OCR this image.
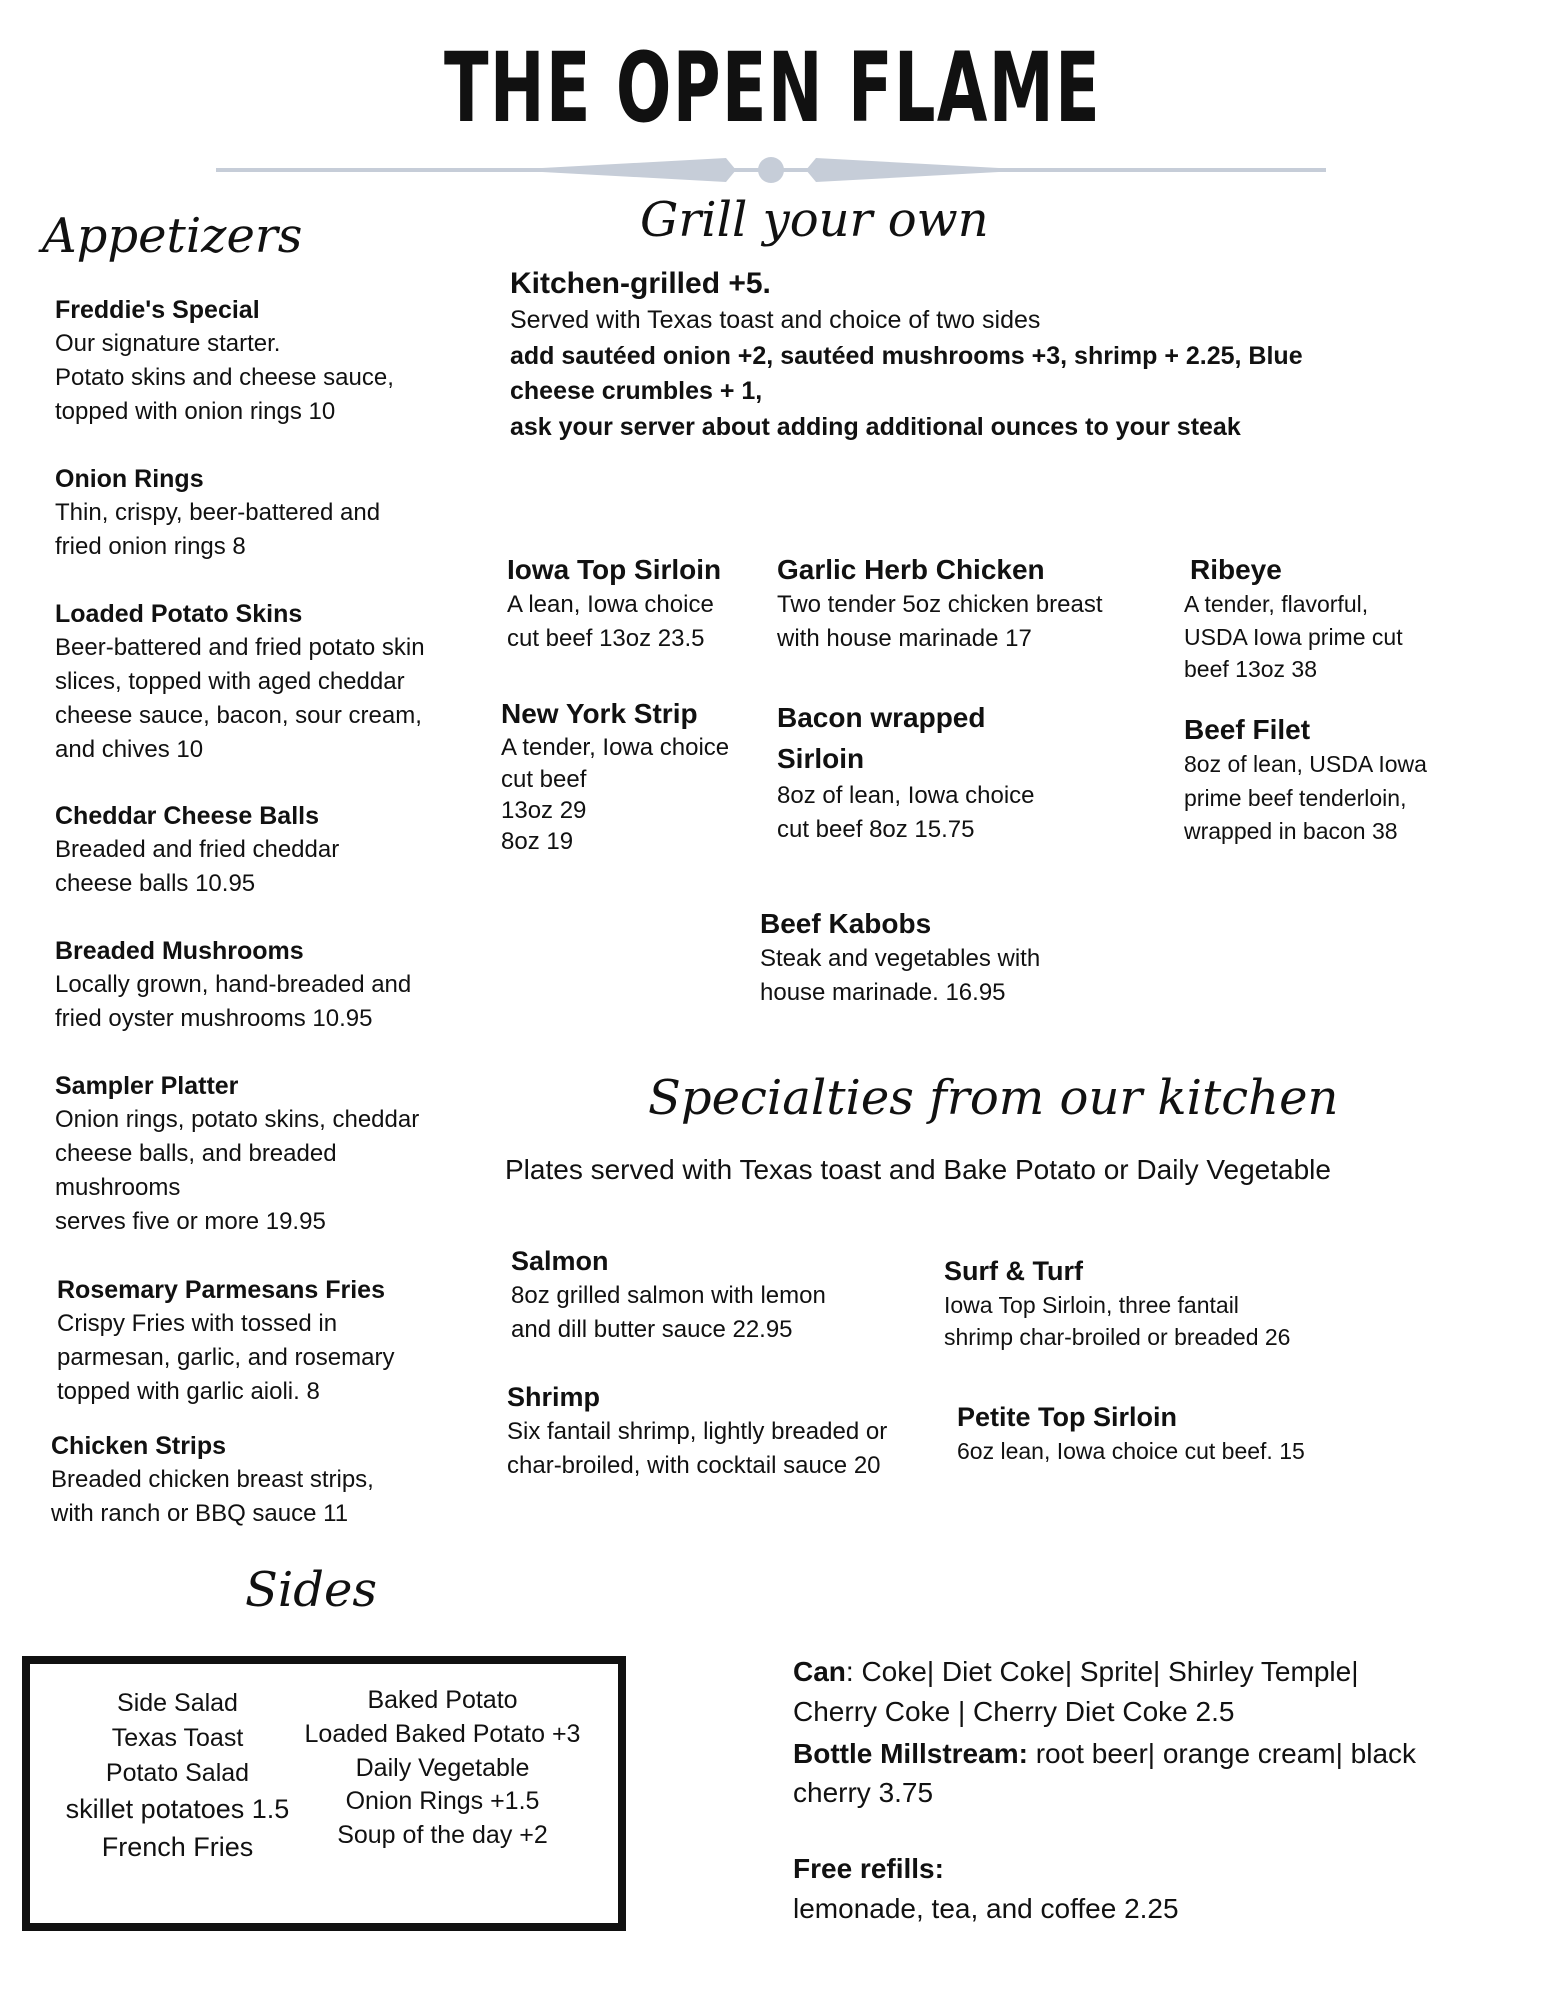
THE OPEN FLAME
Appetizers
Freddie's Special
Our signature starter.
Potato skins and cheese sauce,
topped with onion rings 10
Onion Rings
Thin, crispy, beer-battered and
fried onion rings 8
Loaded Potato Skins
Beer-battered and fried potato skin
slices, topped with aged cheddar
cheese sauce, bacon, sour cream,
and chives 10
Cheddar Cheese Balls
Breaded and fried cheddar
cheese balls 10.95
Breaded Mushrooms
Locally grown, hand-breaded and
fried oyster mushrooms 10.95
Sampler Platter
Onion rings, potato skins, cheddar
cheese balls, and breaded
mushrooms
serves five or more 19.95
Rosemary Parmesans Fries
Crispy Fries with tossed in
parmesan, garlic, and rosemary
topped with garlic aioli. 8
Chicken Strips
Breaded chicken breast strips,
with ranch or BBQ sauce 11
Grill your own
Kitchen-grilled +5.
Served with Texas toast and choice of two sides
add sautéed onion +2, sautéed mushrooms +3, shrimp + 2.25, Blue
cheese crumbles + 1,
ask your server about adding additional ounces to your steak
Iowa Top Sirloin
A lean, Iowa choice
cut beef 13oz 23.5
Garlic Herb Chicken
Two tender 5oz chicken breast
with house marinade 17
Ribeye
A tender, flavorful,
USDA Iowa prime cut
beef 13oz 38
New York Strip
A tender, Iowa choice
cut beef
13oz 29
8oz 19
Bacon wrapped
Sirloin
8oz of lean, Iowa choice
cut beef 8oz 15.75
Beef Filet
8oz of lean, USDA Iowa
prime beef tenderloin,
wrapped in bacon 38
Beef Kabobs
Steak and vegetables with
house marinade. 16.95
Specialties from our kitchen
Plates served with Texas toast and Bake Potato or Daily Vegetable
Salmon
8oz grilled salmon with lemon
and dill butter sauce 22.95
Surf & Turf
Iowa Top Sirloin, three fantail
shrimp char-broiled or breaded 26
Shrimp
Six fantail shrimp, lightly breaded or
char-broiled, with cocktail sauce 20
Petite Top Sirloin
6oz lean, Iowa choice cut beef. 15
Sides
Side Salad
Texas Toast
Potato Salad
skillet potatoes 1.5
French Fries
Baked Potato
Loaded Baked Potato +3
Daily Vegetable
Onion Rings +1.5
Soup of the day +2
Can: Coke| Diet Coke| Sprite| Shirley Temple|
Cherry Coke | Cherry Diet Coke 2.5
Bottle Millstream: root beer| orange cream| black
cherry 3.75
Free refills:
lemonade, tea, and coffee 2.25
